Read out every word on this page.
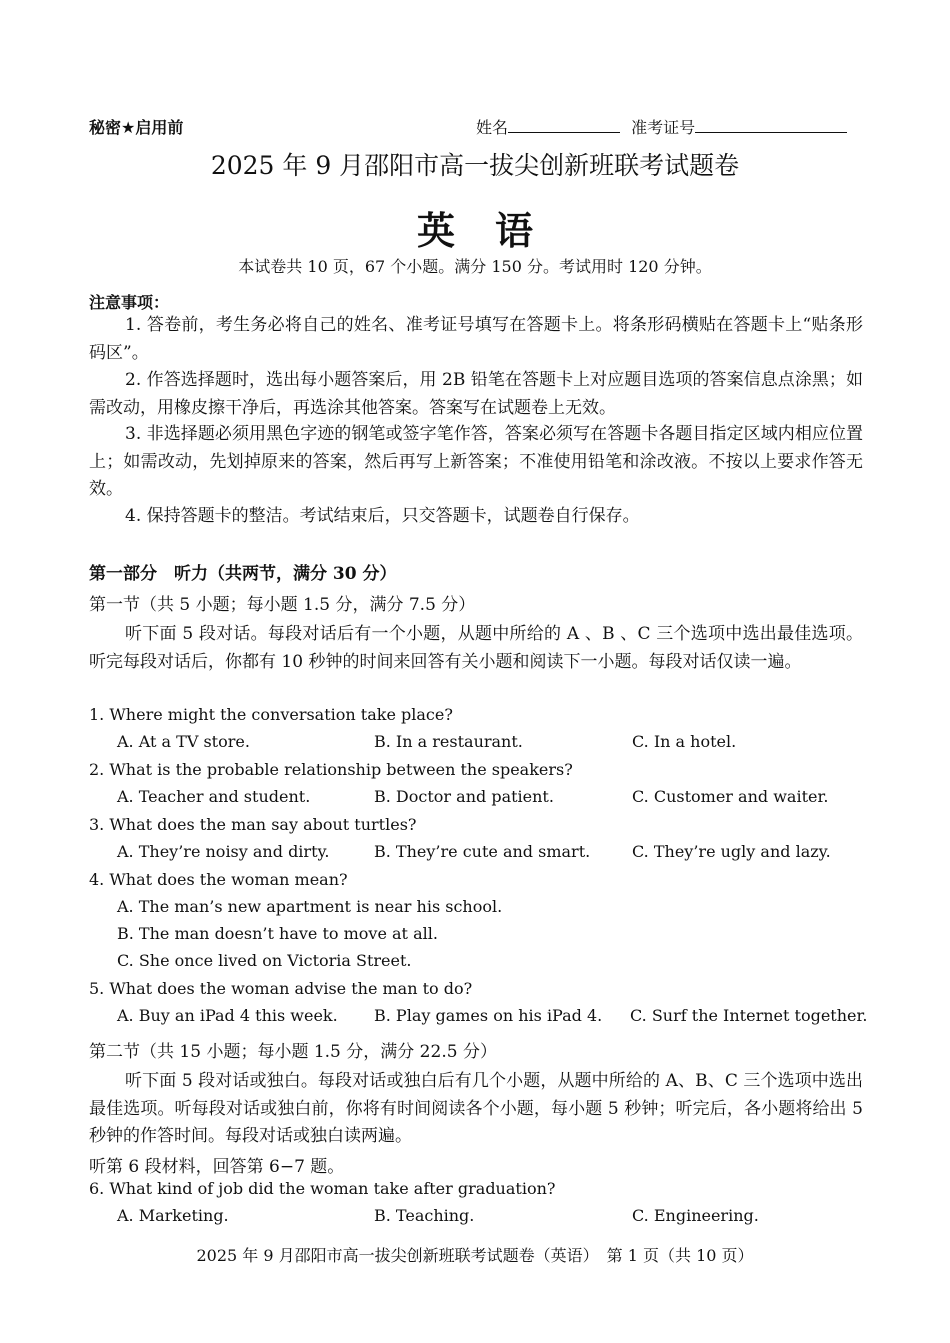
秘密★启用前	姓名	准考证号
2025 年 9 月邵阳市高一拔尖创新班联考试题卷
英语
本试卷共 10 页，67 个小题。满分 150 分。考试用时 120 分钟。
注意事项：
1. 答卷前，考生务必将自己的姓名、准考证号填写在答题卡上。将条形码横贴在答题卡上“贴条形码区”。
2. 作答选择题时，选出每小题答案后，用 2B 铅笔在答题卡上对应题目选项的答案信息点涂黑；如需改动，用橡皮擦干净后，再选涂其他答案。答案写在试题卷上无效。
3. 非选择题必须用黑色字迹的钢笔或签字笔作答，答案必须写在答题卡各题目指定区域内相应位置上；如需改动，先划掉原来的答案，然后再写上新答案；不准使用铅笔和涂改液。不按以上要求作答无效。
4. 保持答题卡的整洁。考试结束后，只交答题卡，试题卷自行保存。
第一部分　听力（共两节，满分 30 分）
第一节（共 5 小题；每小题 1.5 分，满分 7.5 分）
听下面 5 段对话。每段对话后有一个小题，从题中所给的 A 、B 、C 三个选项中选出最佳选项。听完每段对话后，你都有 10 秒钟的时间来回答有关小题和阅读下一小题。每段对话仅读一遍。
1. Where might the conversation take place?
A. At a TV store.	B. In a restaurant.	C. In a hotel.
2. What is the probable relationship between the speakers?
A. Teacher and student.	B. Doctor and patient.	C. Customer and waiter.
3. What does the man say about turtles?
A. They’re noisy and dirty.	B. They’re cute and smart.	C. They’re ugly and lazy.
4. What does the woman mean?
A. The man’s new apartment is near his school.
B. The man doesn’t have to move at all.
C. She once lived on Victoria Street.
5. What does the woman advise the man to do?
A. Buy an iPad 4 this week. B. Play games on his iPad 4. C. Surf the Internet together.
第二节（共 15 小题；每小题 1.5 分，满分 22.5 分）
听下面 5 段对话或独白。每段对话或独白后有几个小题，从题中所给的 A、B、C 三个选项中选出最佳选项。听每段对话或独白前，你将有时间阅读各个小题，每小题 5 秒钟；听完后，各小题将给出 5 秒钟的作答时间。每段对话或独白读两遍。
听第 6 段材料，回答第 6−7 题。
6. What kind of job did the woman take after graduation?
A. Marketing.	B. Teaching.	C. Engineering.
2025 年 9 月邵阳市高一拔尖创新班联考试题卷（英语）　第 1 页（共 10 页）
